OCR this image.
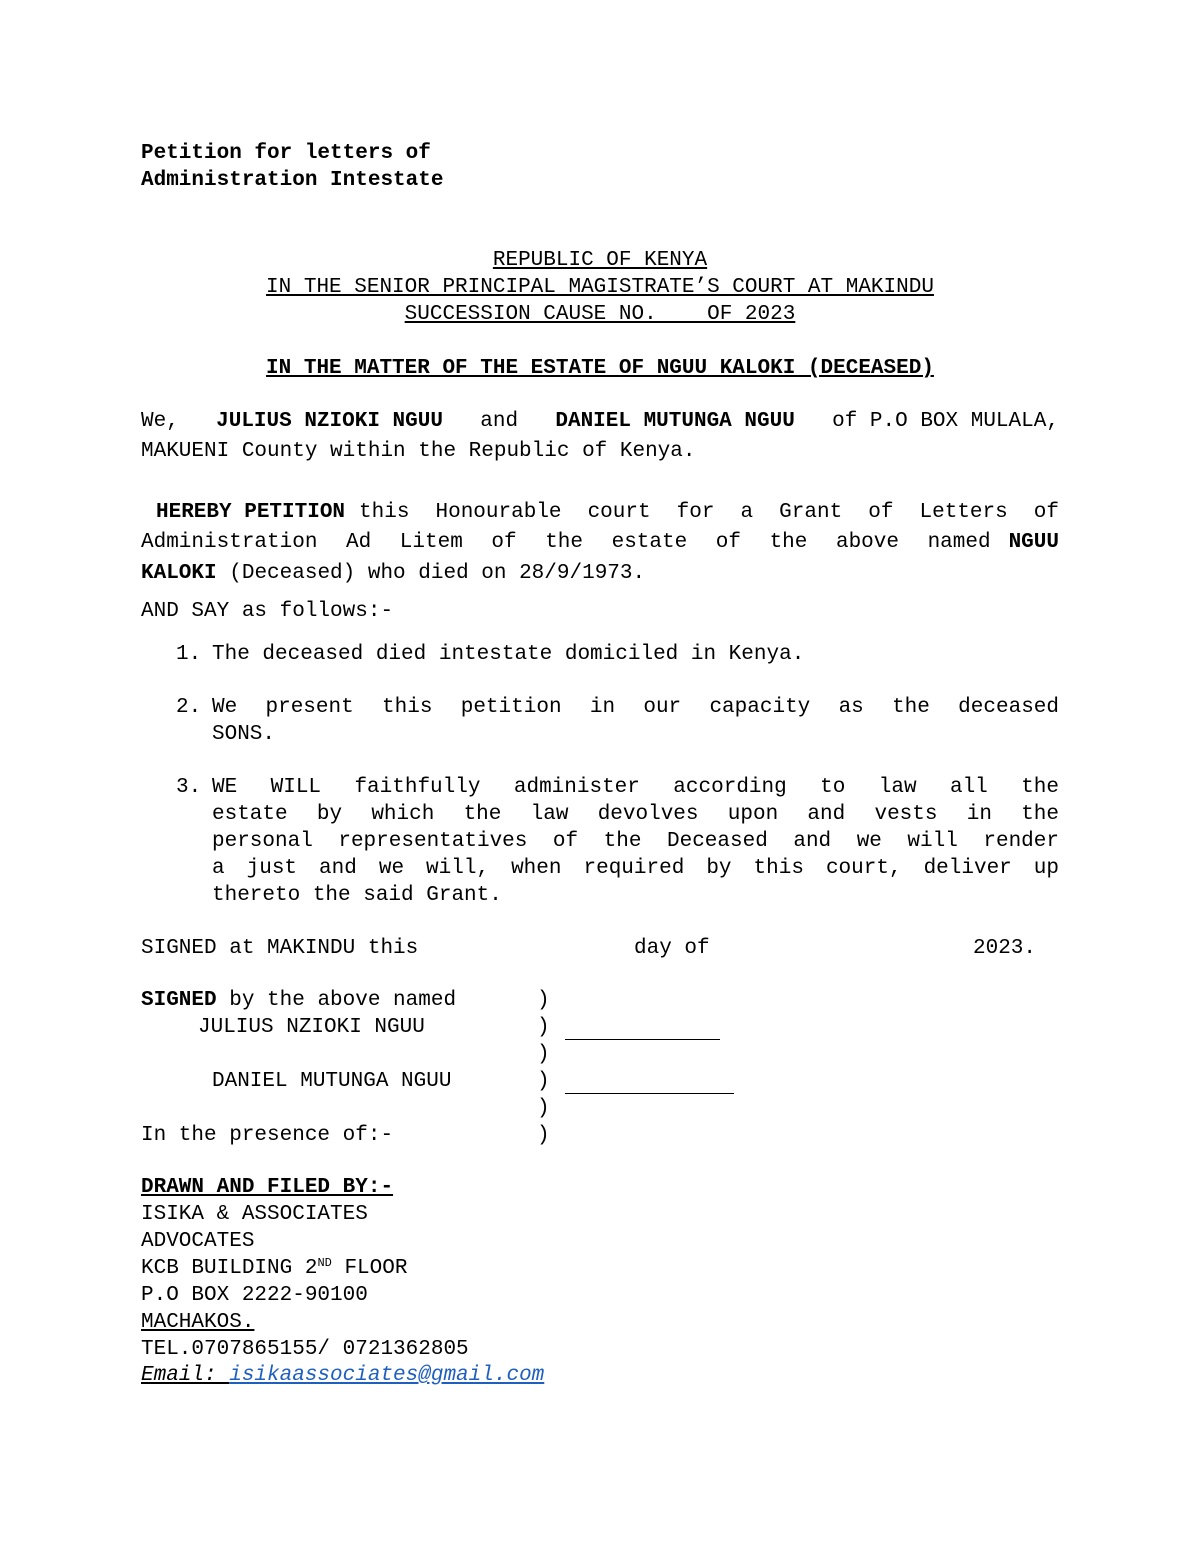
Petition for letters of
Administration Intestate
REPUBLIC OF KENYA
IN THE SENIOR PRINCIPAL MAGISTRATE’S COURT AT MAKINDU
SUCCESSION CAUSE NO.    OF 2023
IN THE MATTER OF THE ESTATE OF NGUU KALOKI (DECEASED)
We, JULIUS NZIOKI NGUU and DANIEL MUTUNGA NGUU of P.O BOX MULALA,
MAKUENI County within the Republic of Kenya.
HEREBY PETITION this Honourable court for a Grant of Letters of
Administration Ad Litem of the estate of the above named NGUU
KALOKI (Deceased) who died on 28/9/1973.
AND SAY as follows:-
1. The deceased died intestate domiciled in Kenya.
2. We present this petition in our capacity as the deceased
SONS.
3. WE WILL faithfully administer according to law all the
estate by which the law devolves upon and vests in the
personal representatives of the Deceased and we will render
a just and we will, when required by this court, deliver up
thereto the said Grant.
SIGNED at MAKINDU this	day of	2023.
SIGNED by the above named	)
JULIUS NZIOKI NGUU	)
)
DANIEL MUTUNGA NGUU	)
)
In the presence of:-	)
DRAWN AND FILED BY:-
ISIKA & ASSOCIATES
ADVOCATES
KCB BUILDING 2ND FLOOR
P.O BOX 2222-90100
MACHAKOS.
TEL.0707865155/ 0721362805
Email: isikaassociates@gmail.com
